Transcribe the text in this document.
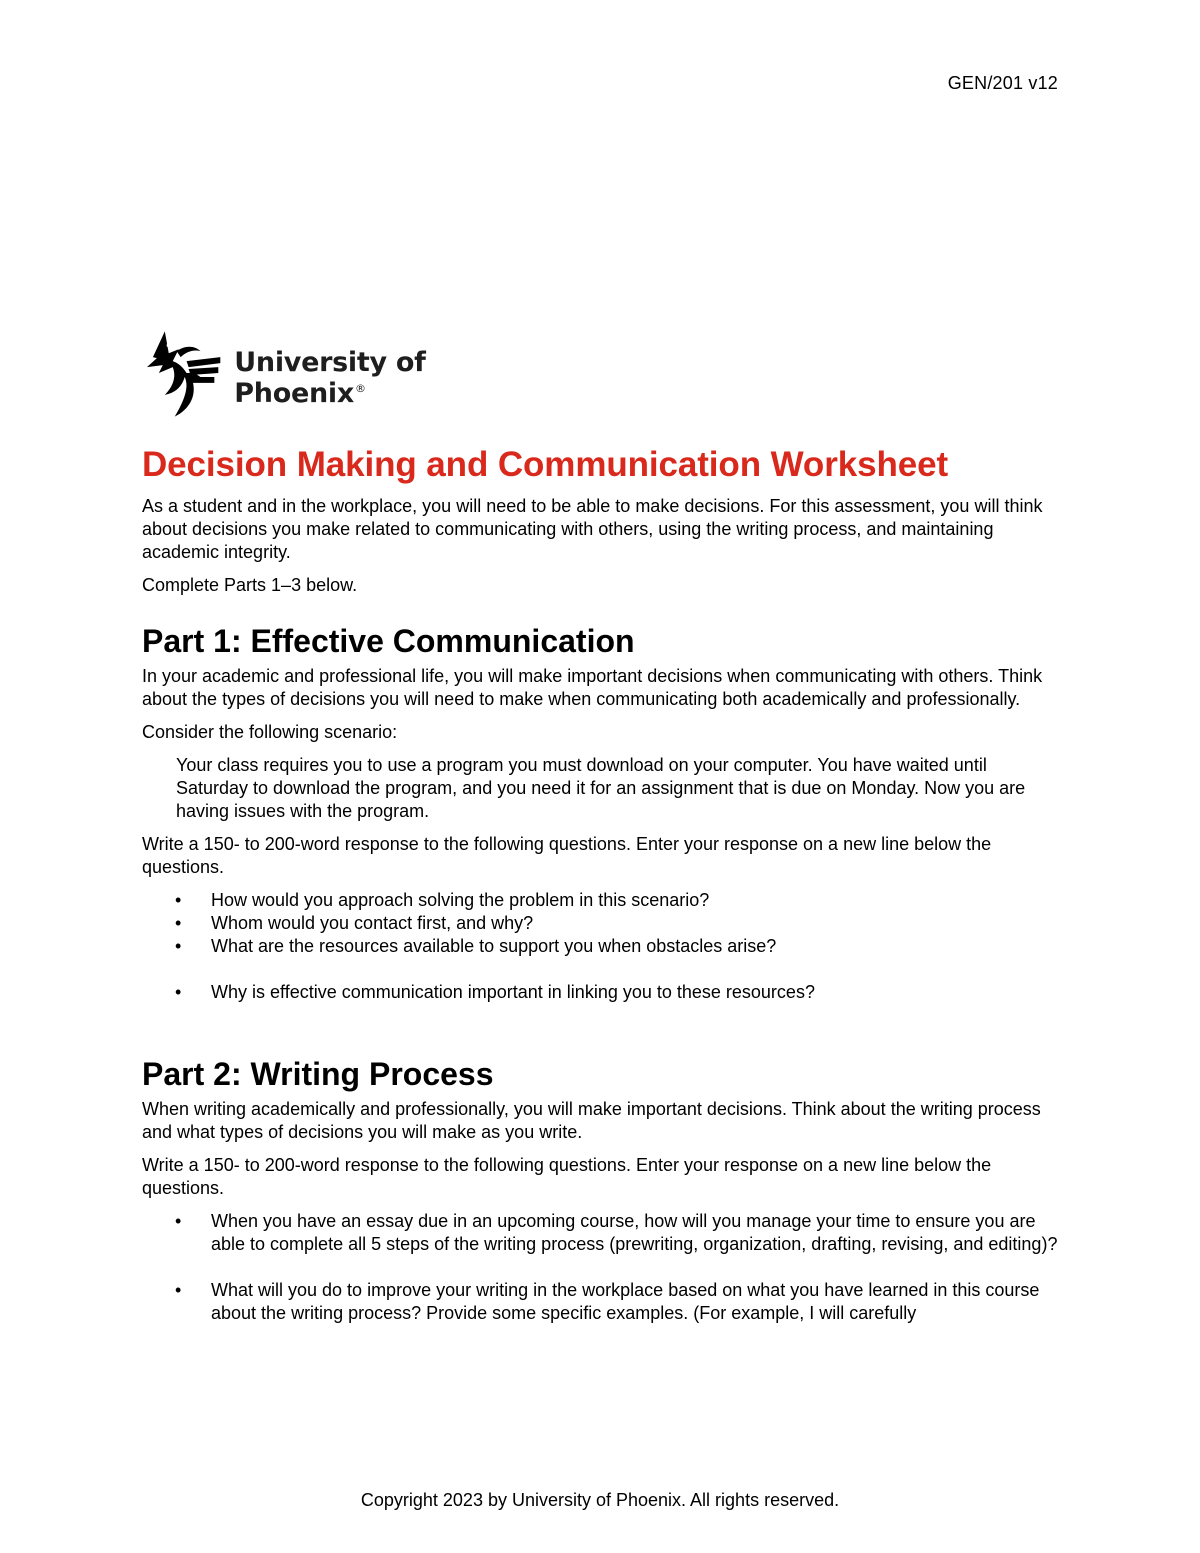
GEN/201 v12
University of Phoenix®
Decision Making and Communication Worksheet

As a student and in the workplace, you will need to be able to make decisions. For this assessment, you will think about decisions you make related to communicating with others, using the writing process, and maintaining academic integrity.

Complete Parts 1–3 below.

Part 1: Effective Communication

In your academic and professional life, you will make important decisions when communicating with others. Think about the types of decisions you will need to make when communicating both academically and professionally.

Consider the following scenario:

Your class requires you to use a program you must download on your computer. You have waited until Saturday to download the program, and you need it for an assignment that is due on Monday. Now you are having issues with the program.

Write a 150- to 200-word response to the following questions. Enter your response on a new line below the questions.

• How would you approach solving the problem in this scenario?
• Whom would you contact first, and why?
• What are the resources available to support you when obstacles arise?
• Why is effective communication important in linking you to these resources?
Part 2: Writing Process

When writing academically and professionally, you will make important decisions. Think about the writing process and what types of decisions you will make as you write.

Write a 150- to 200-word response to the following questions. Enter your response on a new line below the questions.

• When you have an essay due in an upcoming course, how will you manage your time to ensure you are able to complete all 5 steps of the writing process (prewriting, organization, drafting, revising, and editing)?
• What will you do to improve your writing in the workplace based on what you have learned in this course about the writing process? Provide some specific examples. (For example, I will carefully
Copyright 2023 by University of Phoenix. All rights reserved.
